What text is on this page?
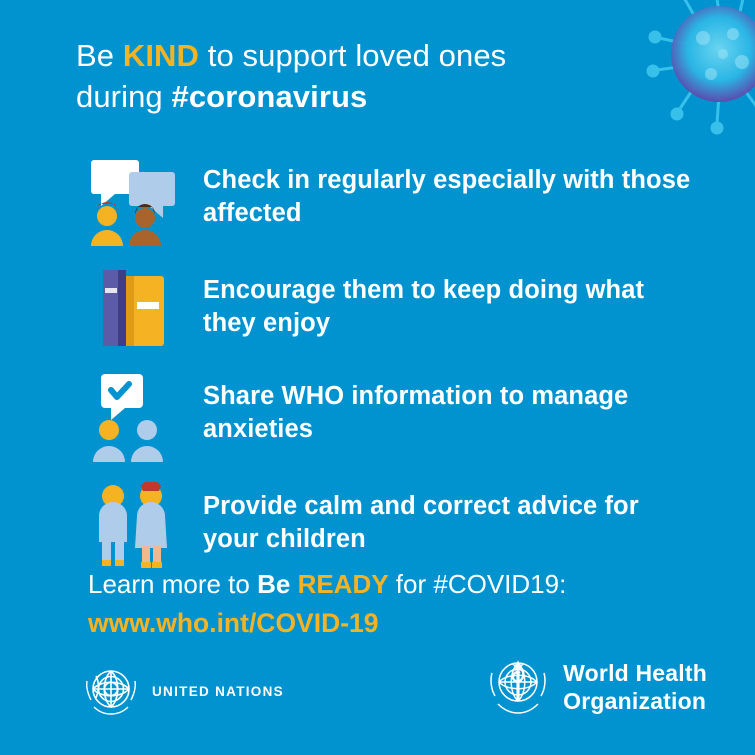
Be KIND to support loved ones
during #coronavirus
Check in regularly especially with those affected
Encourage them to keep doing what they enjoy
Share WHO information to manage anxieties
Provide calm and correct advice for your children
Learn more to Be READY for #COVID19:
www.who.int/COVID-19
UNITED NATIONS
World Health
Organization
